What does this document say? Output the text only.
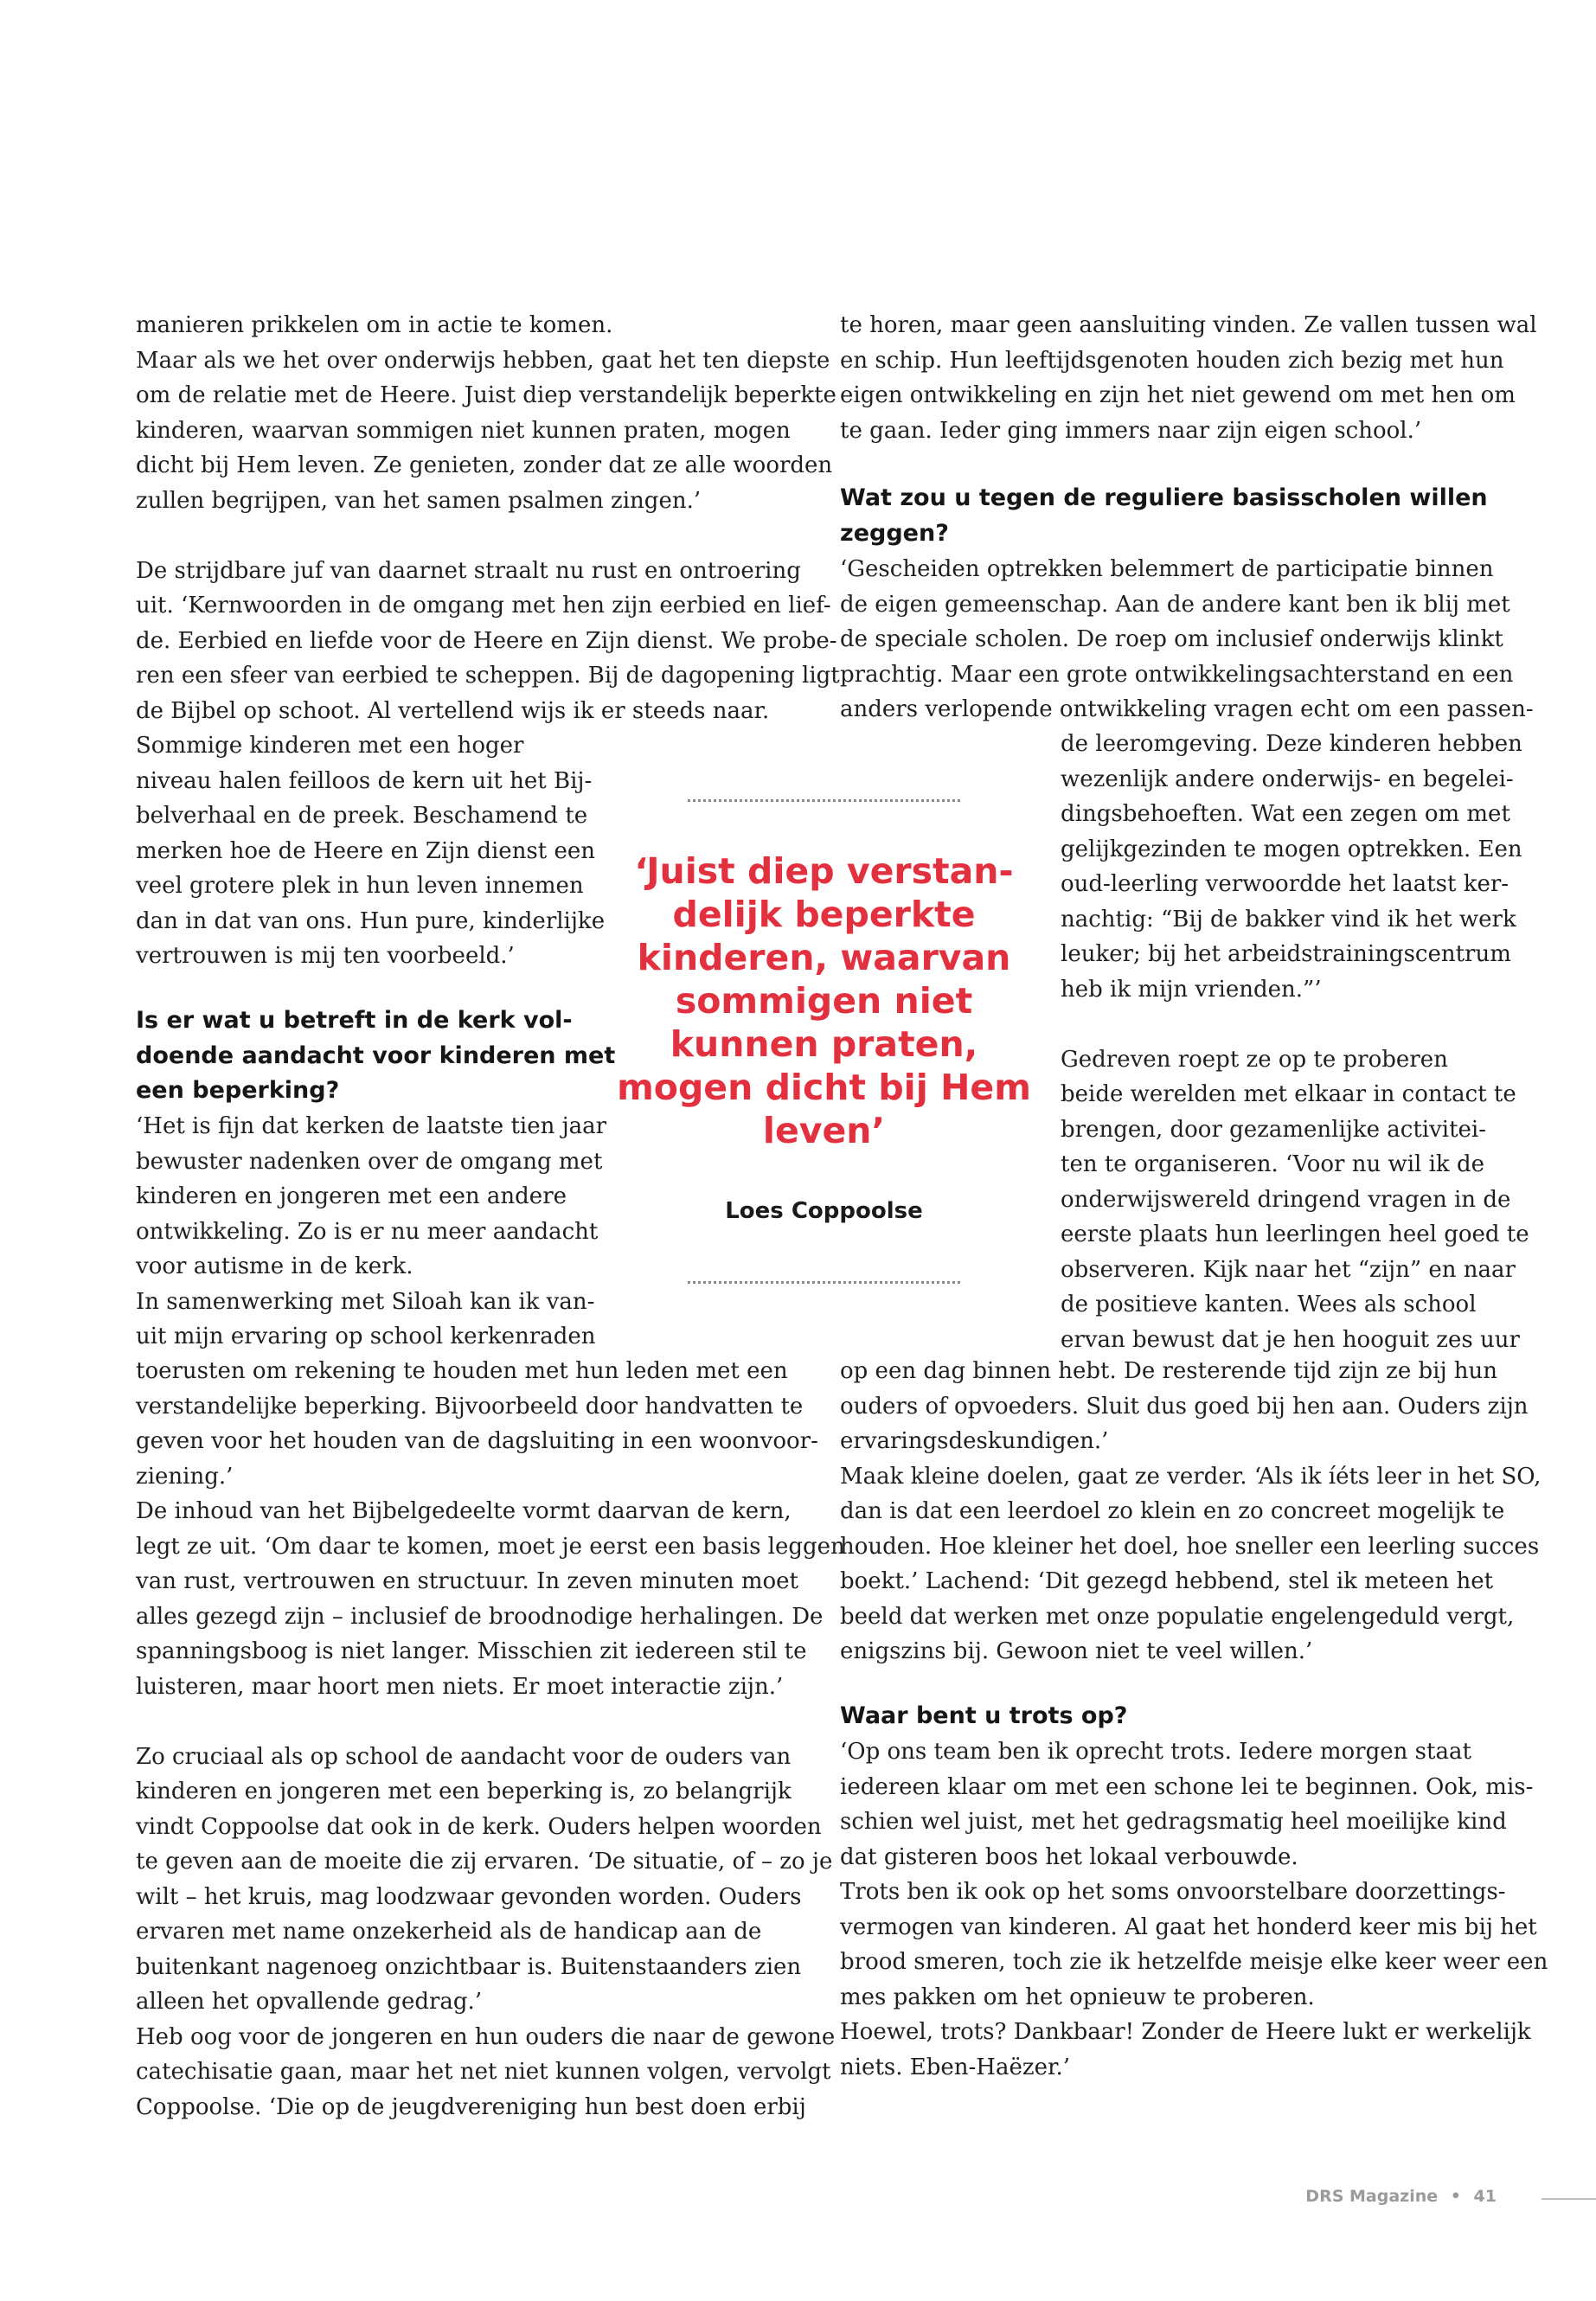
manieren prikkelen om in actie te komen.
Maar als we het over onderwijs hebben, gaat het ten diepste
om de relatie met de Heere. Juist diep verstandelijk beperkte
kinderen, waarvan sommigen niet kunnen praten, mogen
dicht bij Hem leven. Ze genieten, zonder dat ze alle woorden
zullen begrijpen, van het samen psalmen zingen.’

De strijdbare juf van daarnet straalt nu rust en ontroering
uit. ‘Kernwoorden in de omgang met hen zijn eerbied en lief-
de. Eerbied en liefde voor de Heere en Zijn dienst. We probe-
ren een sfeer van eerbied te scheppen. Bij de dagopening ligt
de Bijbel op schoot. Al vertellend wijs ik er steeds naar.
Sommige kinderen met een hoger
niveau halen feilloos de kern uit het Bij-
belverhaal en de preek. Beschamend te
merken hoe de Heere en Zijn dienst een
veel grotere plek in hun leven innemen
dan in dat van ons. Hun pure, kinderlijke
vertrouwen is mij ten voorbeeld.’
Is er wat u betreft in de kerk vol-
doende aandacht voor kinderen met
een beperking?
‘Het is fijn dat kerken de laatste tien jaar
bewuster nadenken over de omgang met
kinderen en jongeren met een andere
ontwikkeling. Zo is er nu meer aandacht
voor autisme in de kerk.
In samenwerking met Siloah kan ik van-
uit mijn ervaring op school kerkenraden
toerusten om rekening te houden met hun leden met een
verstandelijke beperking. Bijvoorbeeld door handvatten te
geven voor het houden van de dagsluiting in een woonvoor-
ziening.’
De inhoud van het Bijbelgedeelte vormt daarvan de kern,
legt ze uit. ‘Om daar te komen, moet je eerst een basis leggen
van rust, vertrouwen en structuur. In zeven minuten moet
alles gezegd zijn – inclusief de broodnodige herhalingen. De
spanningsboog is niet langer. Misschien zit iedereen stil te
luisteren, maar hoort men niets. Er moet interactie zijn.’

Zo cruciaal als op school de aandacht voor de ouders van
kinderen en jongeren met een beperking is, zo belangrijk
vindt Coppoolse dat ook in de kerk. Ouders helpen woorden
te geven aan de moeite die zij ervaren. ‘De situatie, of – zo je
wilt – het kruis, mag loodzwaar gevonden worden. Ouders
ervaren met name onzekerheid als de handicap aan de
buitenkant nagenoeg onzichtbaar is. Buitenstaanders zien
alleen het opvallende gedrag.’
Heb oog voor de jongeren en hun ouders die naar de gewone
catechisatie gaan, maar het net niet kunnen volgen, vervolgt
Coppoolse. ‘Die op de jeugdvereniging hun best doen erbij
te horen, maar geen aansluiting vinden. Ze vallen tussen wal
en schip. Hun leeftijdsgenoten houden zich bezig met hun
eigen ontwikkeling en zijn het niet gewend om met hen om
te gaan. Ieder ging immers naar zijn eigen school.’
Wat zou u tegen de reguliere basisscholen willen
zeggen?
‘Gescheiden optrekken belemmert de participatie binnen
de eigen gemeenschap. Aan de andere kant ben ik blij met
de speciale scholen. De roep om inclusief onderwijs klinkt
prachtig. Maar een grote ontwikkelingsachterstand en een
anders verlopende ontwikkeling vragen echt om een passen-
de leeromgeving. Deze kinderen hebben
wezenlijk andere onderwijs- en begelei-
dingsbehoeften. Wat een zegen om met
gelijkgezinden te mogen optrekken. Een
oud-leerling verwoordde het laatst ker-
nachtig: “Bij de bakker vind ik het werk
leuker; bij het arbeidstrainingscentrum
heb ik mijn vrienden.”’

Gedreven roept ze op te proberen
beide werelden met elkaar in contact te
brengen, door gezamenlijke activitei-
ten te organiseren. ‘Voor nu wil ik de
onderwijswereld dringend vragen in de
eerste plaats hun leerlingen heel goed te
observeren. Kijk naar het “zijn” en naar
de positieve kanten. Wees als school
ervan bewust dat je hen hooguit zes uur
op een dag binnen hebt. De resterende tijd zijn ze bij hun
ouders of opvoeders. Sluit dus goed bij hen aan. Ouders zijn
ervaringsdeskundigen.’
Maak kleine doelen, gaat ze verder. ‘Als ik íéts leer in het SO,
dan is dat een leerdoel zo klein en zo concreet mogelijk te
houden. Hoe kleiner het doel, hoe sneller een leerling succes
boekt.’ Lachend: ‘Dit gezegd hebbend, stel ik meteen het
beeld dat werken met onze populatie engelengeduld vergt,
enigszins bij. Gewoon niet te veel willen.’
Waar bent u trots op?
‘Op ons team ben ik oprecht trots. Iedere morgen staat
iedereen klaar om met een schone lei te beginnen. Ook, mis-
schien wel juist, met het gedragsmatig heel moeilijke kind
dat gisteren boos het lokaal verbouwde.
Trots ben ik ook op het soms onvoorstelbare doorzettings-
vermogen van kinderen. Al gaat het honderd keer mis bij het
brood smeren, toch zie ik hetzelfde meisje elke keer weer een
mes pakken om het opnieuw te proberen.
Hoewel, trots? Dankbaar! Zonder de Heere lukt er werkelijk
niets. Eben-Haëzer.’
‘Juist diep verstan-
delijk beperkte
kinderen, waarvan
sommigen niet
kunnen praten,
mogen dicht bij Hem
leven’
Loes Coppoolse
DRS Magazine • 41
